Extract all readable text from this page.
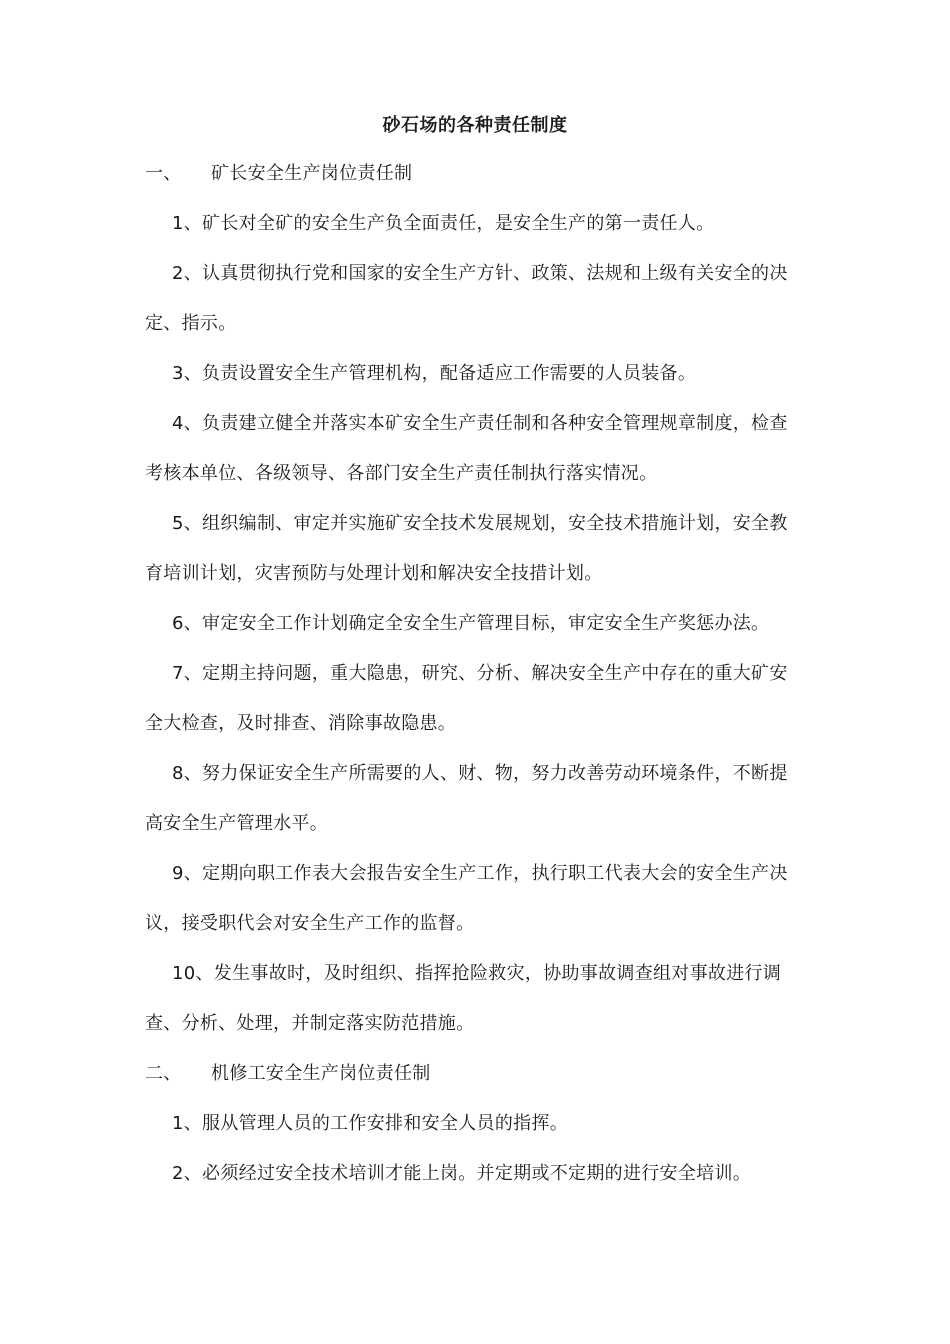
砂石场的各种责任制度
一、 矿长安全生产岗位责任制
1、矿长对全矿的安全生产负全面责任，是安全生产的第一责任人。
2、认真贯彻执行党和国家的安全生产方针、政策、法规和上级有关安全的决
定、指示。
3、负责设置安全生产管理机构，配备适应工作需要的人员装备。
4、负责建立健全并落实本矿安全生产责任制和各种安全管理规章制度，检查
考核本单位、各级领导、各部门安全生产责任制执行落实情况。
5、组织编制、审定并实施矿安全技术发展规划，安全技术措施计划，安全教
育培训计划，灾害预防与处理计划和解决安全技措计划。
6、审定安全工作计划确定全安全生产管理目标，审定安全生产奖惩办法。
7、定期主持问题，重大隐患，研究、分析、解决安全生产中存在的重大矿安
全大检查，及时排查、消除事故隐患。
8、努力保证安全生产所需要的人、财、物，努力改善劳动环境条件，不断提
高安全生产管理水平。
9、定期向职工作表大会报告安全生产工作，执行职工代表大会的安全生产决
议，接受职代会对安全生产工作的监督。
10、发生事故时，及时组织、指挥抢险救灾，协助事故调查组对事故进行调
查、分析、处理，并制定落实防范措施。
二、 机修工安全生产岗位责任制
1、服从管理人员的工作安排和安全人员的指挥。
2、必须经过安全技术培训才能上岗。并定期或不定期的进行安全培训。
